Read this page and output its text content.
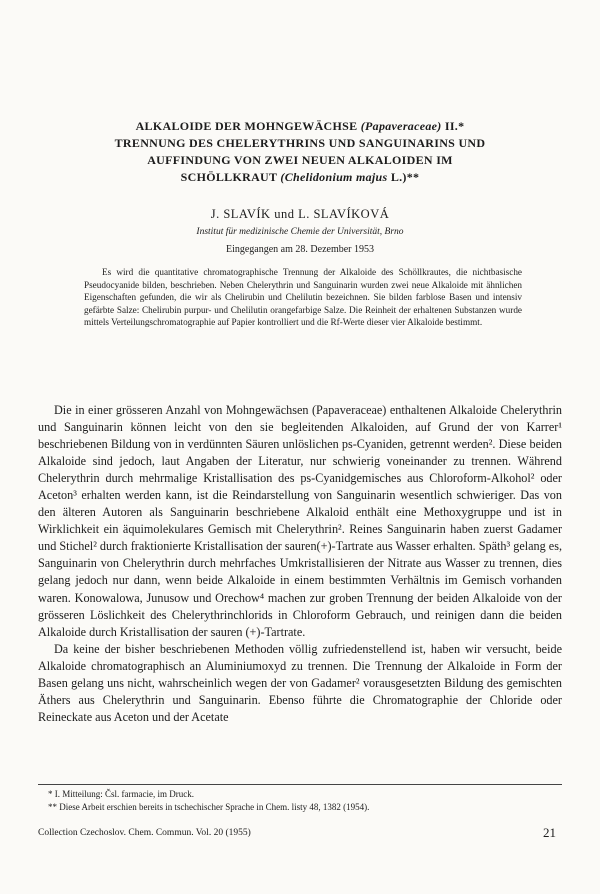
ALKALOIDE DER MOHNGEWÄCHSE (Papaveraceae) II.*
TRENNUNG DES CHELERYTHRINS UND SANGUINARINS UND
AUFFINDUNG VON ZWEI NEUEN ALKALOIDEN IM
SCHÖLLKRAUT (Chelidonium majus L.)**
J. SLAVÍK und L. SLAVÍKOVÁ
Institut für medizinische Chemie der Universität, Brno
Eingegangen am 28. Dezember 1953

Es wird die quantitative chromatographische Trennung der Alkaloide des Schöllkrautes, die nichtbasische Pseudocyanide bilden, beschrieben. Neben Chelerythrin und Sanguinarin wurden zwei neue Alkaloide mit ähnlichen Eigenschaften gefunden, die wir als Chelirubin und Chelilutin bezeichnen. Sie bilden farblose Basen und intensiv gefärbte Salze: Chelirubin purpur- und Chelilutin orangefarbige Salze. Die Reinheit der erhaltenen Substanzen wurde mittels Verteilungschromatographie auf Papier kontrolliert und die Rf-Werte dieser vier Alkaloide bestimmt.

Die in einer grösseren Anzahl von Mohngewächsen (Papaveraceae) enthaltenen Alkaloide Chelerythrin und Sanguinarin können leicht von den sie begleitenden Alkaloiden, auf Grund der von Karrer¹ beschriebenen Bildung von in verdünnten Säuren unlöslichen ps-Cyaniden, getrennt werden². Diese beiden Alkaloide sind jedoch, laut Angaben der Literatur, nur schwierig voneinander zu trennen. Während Chelerythrin durch mehrmalige Kristallisation des ps-Cyanidgemisches aus Chloroform-Alkohol² oder Aceton³ erhalten werden kann, ist die Reindarstellung von Sanguinarin wesentlich schwieriger. Das von den älteren Autoren als Sanguinarin beschriebene Alkaloid enthält eine Methoxygruppe und ist in Wirklichkeit ein äquimolekulares Gemisch mit Chelerythrin². Reines Sanguinarin haben zuerst Gadamer und Stichel² durch fraktionierte Kristallisation der sauren(+)-Tartrate aus Wasser erhalten. Späth³ gelang es, Sanguinarin von Chelerythrin durch mehrfaches Umkristallisieren der Nitrate aus Wasser zu trennen, dies gelang jedoch nur dann, wenn beide Alkaloide in einem bestimmten Verhältnis im Gemisch vorhanden waren. Konowalowa, Junusow und Orechow⁴ machen zur groben Trennung der beiden Alkaloide von der grösseren Löslichkeit des Chelerythrinchlorids in Chloroform Gebrauch, und reinigen dann die beiden Alkaloide durch Kristallisation der sauren (+)-Tartrate.

Da keine der bisher beschriebenen Methoden völlig zufriedenstellend ist, haben wir versucht, beide Alkaloide chromatographisch an Aluminiumoxyd zu trennen. Die Trennung der Alkaloide in Form der Basen gelang uns nicht, wahrscheinlich wegen der von Gadamer² vorausgesetzten Bildung des gemischten Äthers aus Chelerythrin und Sanguinarin. Ebenso führte die Chromatographie der Chloride oder Reineckate aus Aceton und der Acetate

* I. Mitteilung: Čsl. farmacie, im Druck.
** Diese Arbeit erschien bereits in tschechischer Sprache in Chem. listy 48, 1382 (1954).
Collection Czechoslov. Chem. Commun. Vol. 20 (1955)	21
